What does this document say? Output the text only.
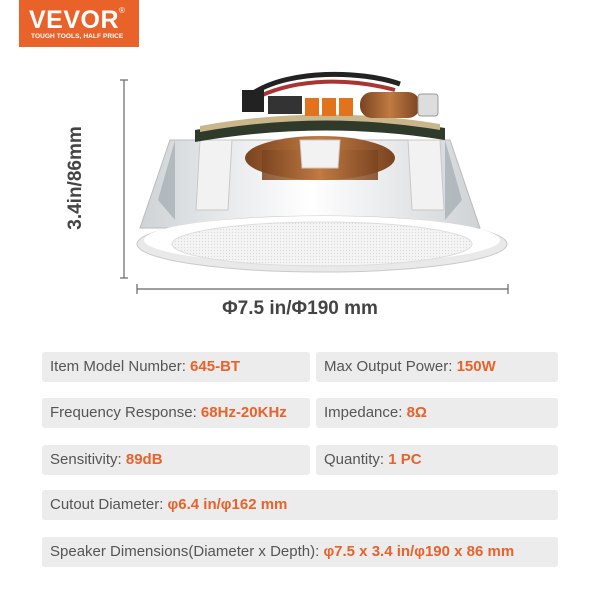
VEVOR®
TOUGH TOOLS, HALF PRICE
3.4in/86mm
Φ7.5 in/Φ190 mm
Item Model Number: 645-BT	Max Output Power: 150W
Frequency Response: 68Hz-20KHz	Impedance: 8Ω
Sensitivity: 89dB	Quantity: 1 PC
Cutout Diameter: φ6.4 in/φ162 mm
Speaker Dimensions(Diameter x Depth): φ7.5 x 3.4 in/φ190 x 86 mm
